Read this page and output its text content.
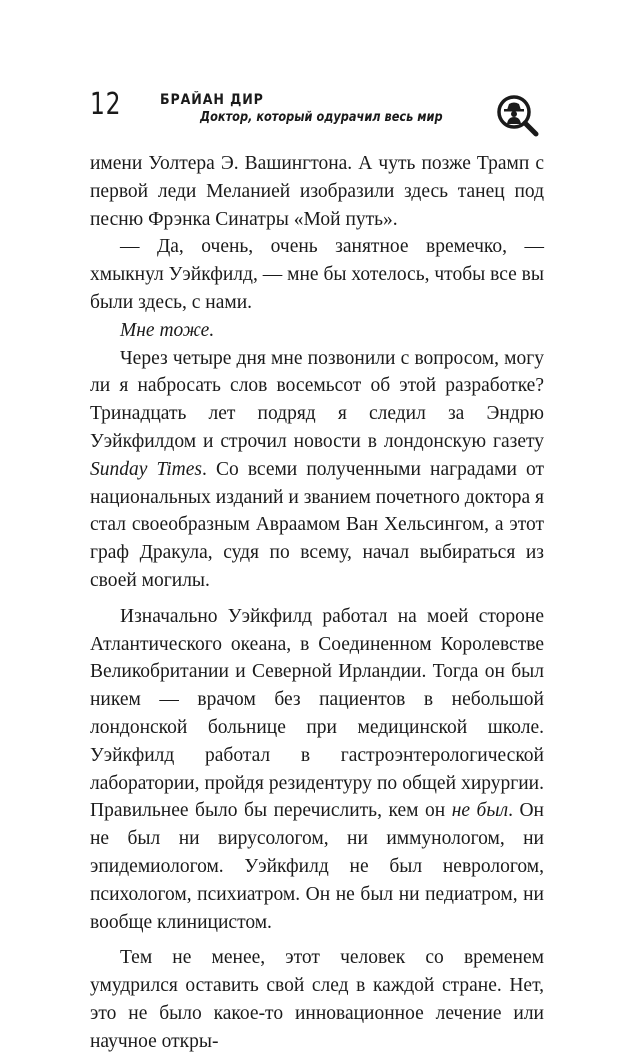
12	БРАЙАН ДИР
Доктор, который одурачил весь мир

имени Уолтера Э. Вашингтона. А чуть позже Трамп с первой леди Меланией изобразили здесь танец под песню Фрэнка Синатры «Мой путь».

— Да, очень, очень занятное времечко, — хмыкнул Уэйкфилд, — мне бы хотелось, чтобы все вы были здесь, с нами.

Мне тоже.

Через четыре дня мне позвонили с вопросом, могу ли я набросать слов восемьсот об этой разработке? Тринадцать лет подряд я следил за Эндрю Уэйкфилдом и строчил новости в лондонскую газету Sunday Times. Со всеми полученными наградами от национальных изданий и званием почетного доктора я стал своеобразным Авраамом Ван Хельсингом, а этот граф Дракула, судя по всему, начал выбираться из своей могилы.

Изначально Уэйкфилд работал на моей стороне Атлантического океана, в Соединенном Королевстве Великобритании и Северной Ирландии. Тогда он был никем — врачом без пациентов в небольшой лондонской больнице при медицинской школе. Уэйкфилд работал в гастроэнтерологической лаборатории, пройдя резидентуру по общей хирургии. Правильнее было бы перечислить, кем он не был. Он не был ни вирусологом, ни иммунологом, ни эпидемиологом. Уэйкфилд не был неврологом, психологом, психиатром. Он не был ни педиатром, ни вообще клиницистом.

Тем не менее, этот человек со временем умудрился оставить свой след в каждой стране. Нет, это не было какое-то инновационное лечение или научное откры-
